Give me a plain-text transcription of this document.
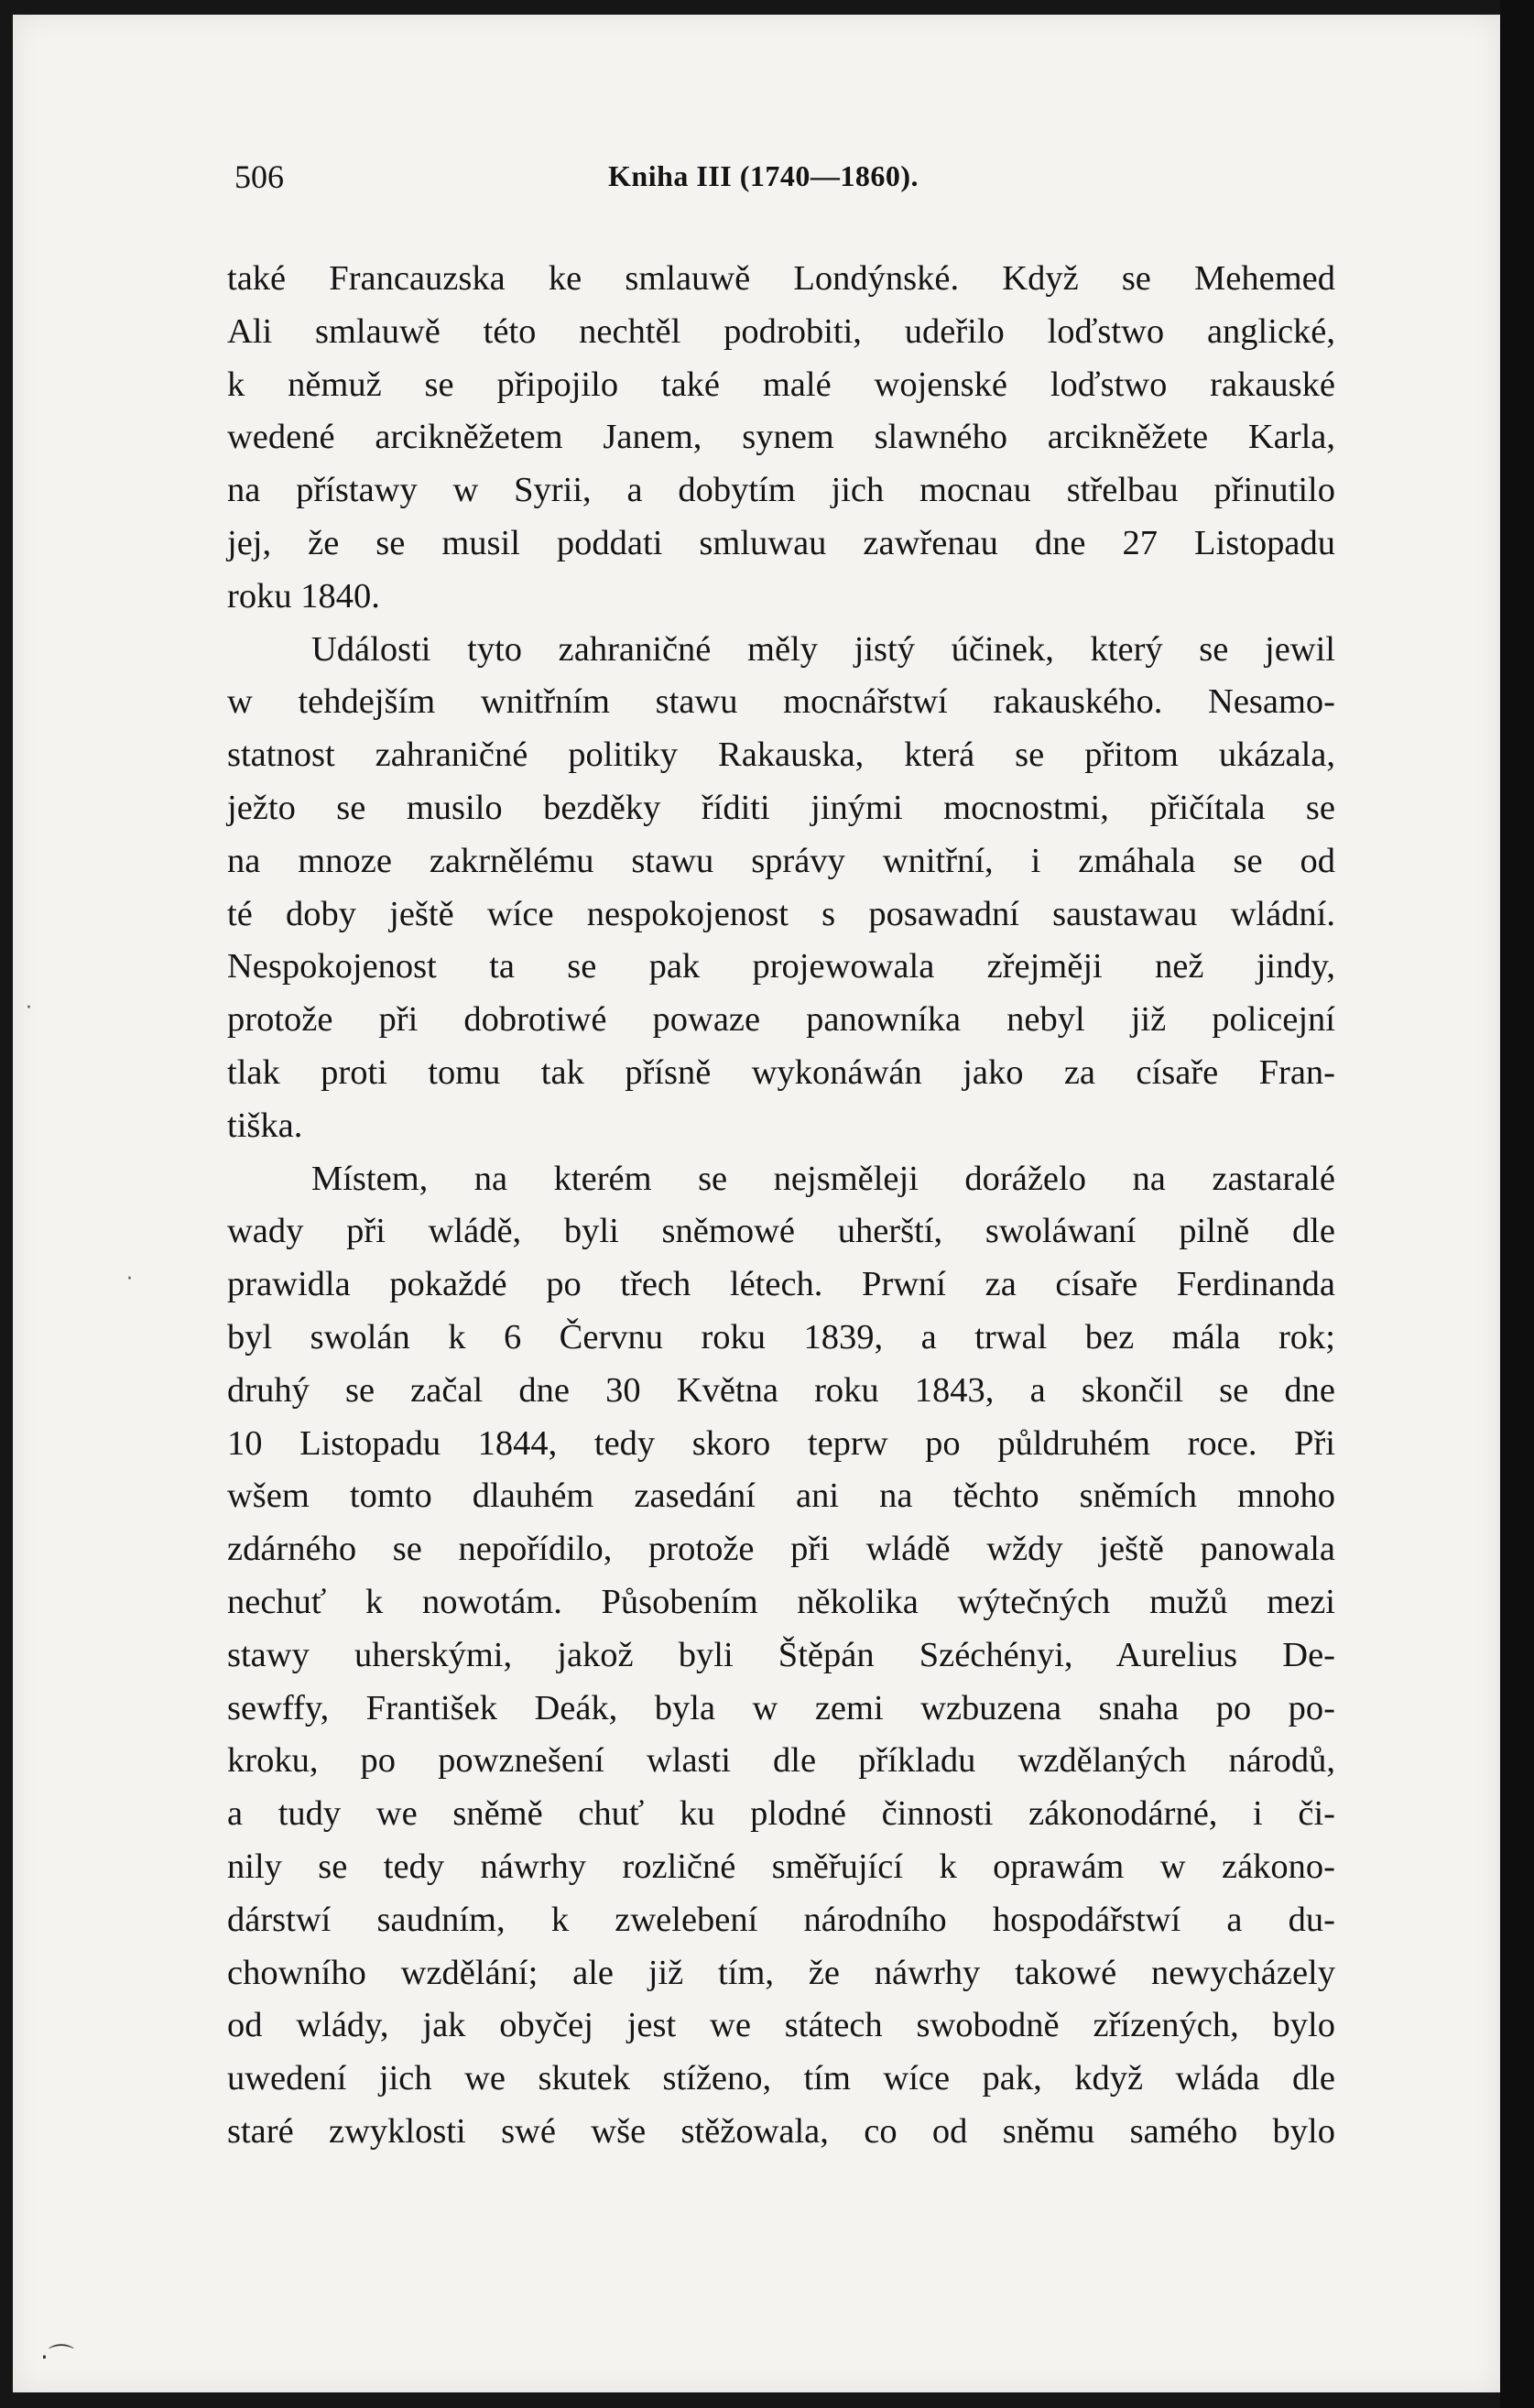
506	Kniha III (1740—1860).
také Francauzska ke smlauwě Londýnské. Když se Mehemed
Ali smlauwě této nechtěl podrobiti, udeřilo loďstwo anglické,
k němuž se připojilo také malé wojenské loďstwo rakauské
wedené arcikněžetem Janem, synem slawného arcikněžete Karla,
na přístawy w Syrii, a dobytím jich mocnau střelbau přinutilo
jej, že se musil poddati smluwau zawřenau dne 27 Listopadu
roku 1840.
Události tyto zahraničné měly jistý účinek, který se jewil
w tehdejším wnitřním stawu mocnářstwí rakauského. Nesamo-
statnost zahraničné politiky Rakauska, která se přitom ukázala,
ježto se musilo bezděky říditi jinými mocnostmi, přičítala se
na mnoze zakrnělému stawu správy wnitřní, i zmáhala se od
té doby ještě wíce nespokojenost s posawadní saustawau wládní.
Nespokojenost ta se pak projewowala zřejměji než jindy,
protože při dobrotiwé powaze panowníka nebyl již policejní
tlak proti tomu tak přísně wykonáwán jako za císaře Fran-
tiška.
Místem, na kterém se nejsměleji doráželo na zastaralé
wady při wládě, byli sněmowé uherští, swoláwaní pilně dle
prawidla pokaždé po třech létech. Prwní za císaře Ferdinanda
byl swolán k 6 Červnu roku 1839, a trwal bez mála rok;
druhý se začal dne 30 Května roku 1843, a skončil se dne
10 Listopadu 1844, tedy skoro teprw po půldruhém roce. Při
wšem tomto dlauhém zasedání ani na těchto sněmích mnoho
zdárného se nepořídilo, protože při wládě wždy ještě panowala
nechuť k nowotám. Působením několika wýtečných mužů mezi
stawy uherskými, jakož byli Štěpán Széchényi, Aurelius De-
sewffy, František Deák, byla w zemi wzbuzena snaha po po-
kroku, po powznešení wlasti dle příkladu wzdělaných národů,
a tudy we sněmě chuť ku plodné činnosti zákonodárné, i či-
nily se tedy náwrhy rozličné směřující k oprawám w zákono-
dárstwí saudním, k zwelebení národního hospodářstwí a du-
chowního wzdělání; ale již tím, že náwrhy takowé newycházely
od wlády, jak obyčej jest we státech swobodně zřízených, bylo
uwedení jich we skutek stíženo, tím wíce pak, když wláda dle
staré zwyklosti swé wše stěžowala, co od sněmu samého bylo
·
·
⋅⌒
